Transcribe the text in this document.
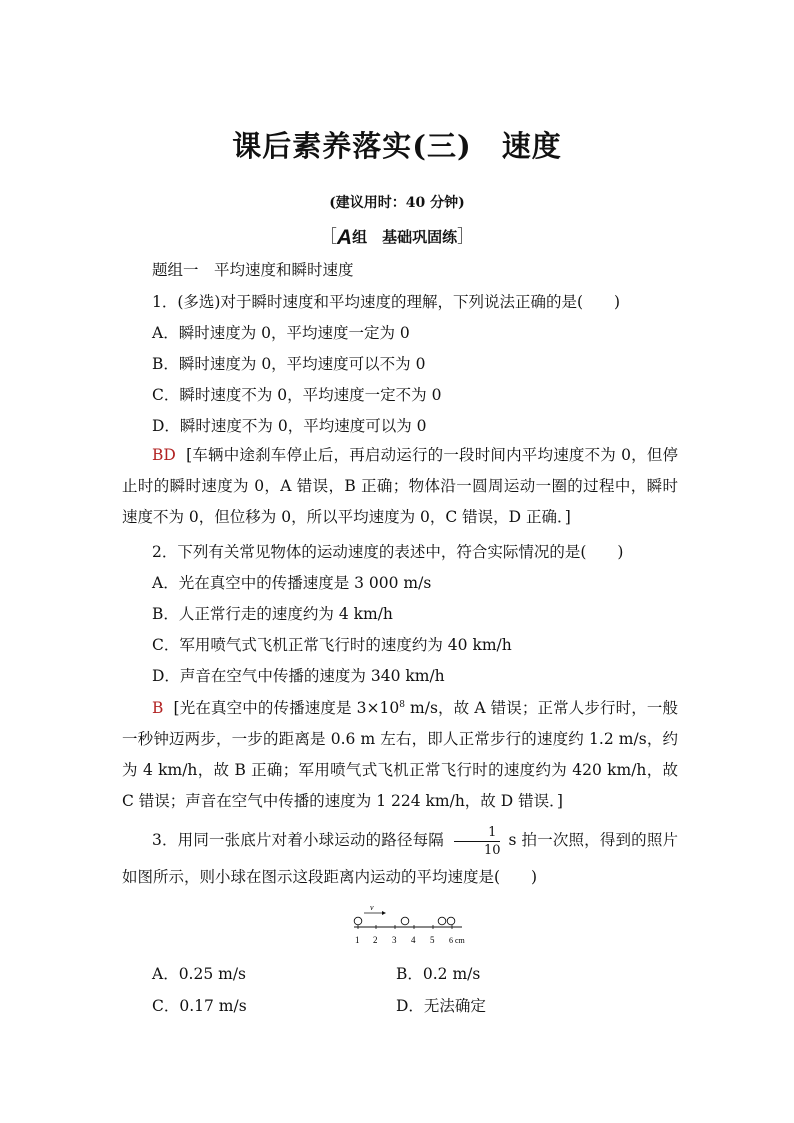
课后素养落实(三)　速度
(建议用时：40 分钟)
［A组　基础巩固练］
题组一　平均速度和瞬时速度
1．(多选)对于瞬时速度和平均速度的理解，下列说法正确的是(　　)
A．瞬时速度为 0，平均速度一定为 0
B．瞬时速度为 0，平均速度可以不为 0
C．瞬时速度不为 0，平均速度一定不为 0
D．瞬时速度不为 0，平均速度可以为 0
BD [车辆中途刹车停止后，再启动运行的一段时间内平均速度不为 0，但停止时的瞬时速度为 0，A 错误，B 正确；物体沿一圆周运动一圈的过程中，瞬时速度不为 0，但位移为 0，所以平均速度为 0，C 错误，D 正确．]
2．下列有关常见物体的运动速度的表述中，符合实际情况的是(　　)
A．光在真空中的传播速度是 3 000 m/s
B．人正常行走的速度约为 4 km/h
C．军用喷气式飞机正常飞行时的速度约为 40 km/h
D．声音在空气中传播的速度为 340 km/h
B [光在真空中的传播速度是 $3\times 10^8$ m/s，故 A 错误；正常人步行时，一般一秒钟迈两步，一步的距离是 0.6 m 左右，即人正常步行的速度约 1.2 m/s，约为 4 km/h，故 B 正确；军用喷气式飞机正常飞行时的速度约为 420 km/h，故 C 错误；声音在空气中传播的速度为 1 224 km/h，故 D 错误．]
3．用同一张底片对着小球运动的路径每隔 $\frac{1}{10}$ s 拍一次照，得到的照片如图所示，则小球在图示这段距离内运动的平均速度是(　　)
v
1 2 3 4 5 6 cm
A．0.25 m/s	B．0.2 m/s
C．0.17 m/s	D．无法确定
